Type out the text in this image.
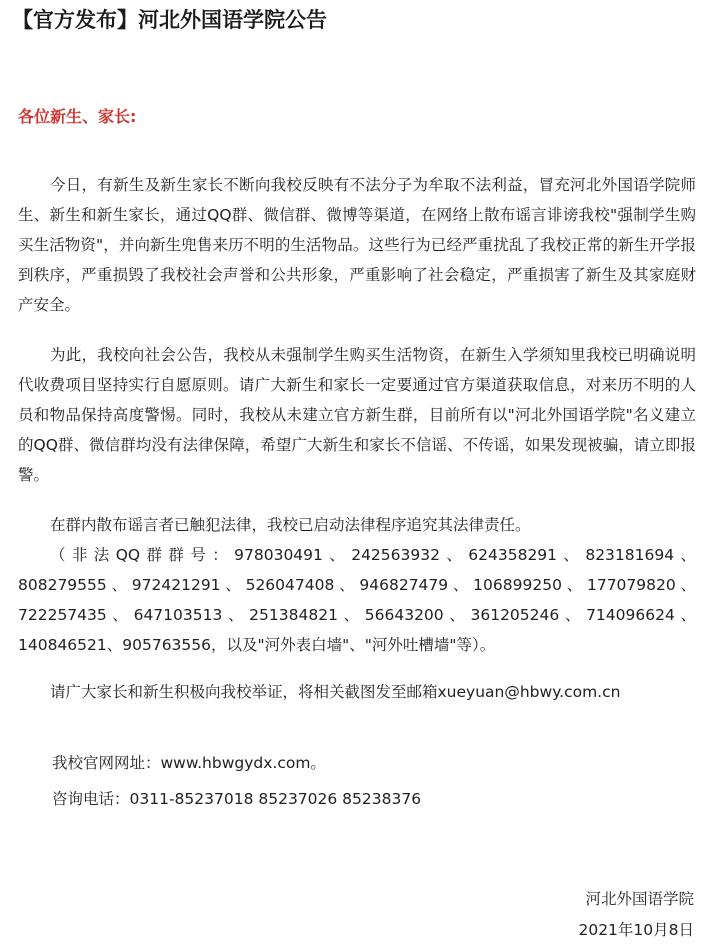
【官方发布】河北外国语学院公告
各位新生、家长:
今日，有新生及新生家长不断向我校反映有不法分子为牟取不法利益，冒充河北外国语学院师生、新生和新生家长，通过QQ群、微信群、微博等渠道，在网络上散布谣言诽谤我校"强制学生购买生活物资"，并向新生兜售来历不明的生活物品。这些行为已经严重扰乱了我校正常的新生开学报到秩序，严重损毁了我校社会声誉和公共形象，严重影响了社会稳定，严重损害了新生及其家庭财产安全。
为此，我校向社会公告，我校从未强制学生购买生活物资，在新生入学须知里我校已明确说明代收费项目坚持实行自愿原则。请广大新生和家长一定要通过官方渠道获取信息，对来历不明的人员和物品保持高度警惕。同时，我校从未建立官方新生群，目前所有以"河北外国语学院"名义建立的QQ群、微信群均没有法律保障，希望广大新生和家长不信谣、不传谣，如果发现被骗，请立即报警。
在群内散布谣言者已触犯法律，我校已启动法律程序追究其法律责任。
（非法QQ群群号：978030491、242563932、624358291、823181694、808279555、972421291、526047408、946827479、106899250、177079820、722257435、647103513、251384821、56643200、361205246、714096624、140846521、905763556，以及"河外表白墙"、"河外吐槽墙"等）。
请广大家长和新生积极向我校举证，将相关截图发至邮箱xueyuan@hbwy.com.cn
我校官网网址：www.hbwgydx.com。
咨询电话：0311-85237018 85237026 85238376
河北外国语学院
2021年10月8日
